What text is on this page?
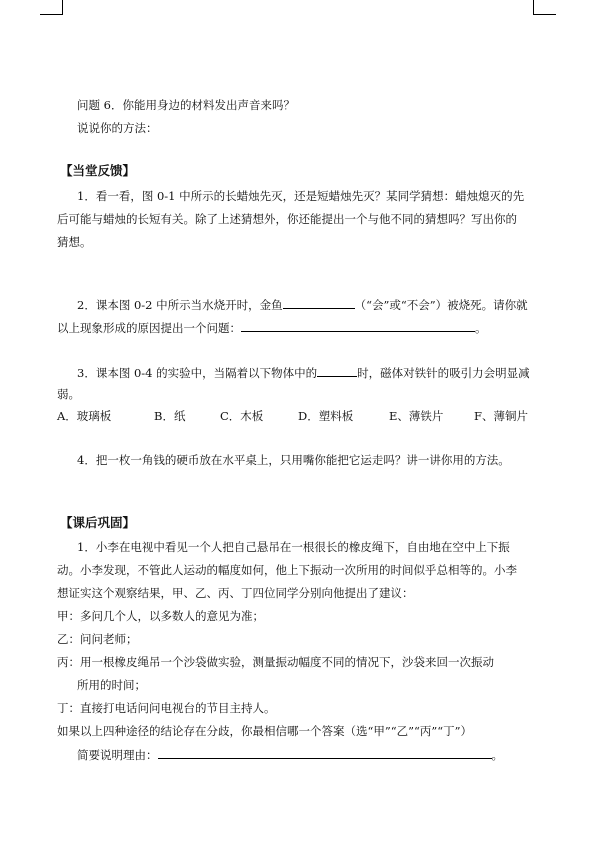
问题 6．你能用身边的材料发出声音来吗？
说说你的方法：
【当堂反馈】
1．看一看，图 0-1 中所示的长蜡烛先灭，还是短蜡烛先灭？某同学猜想：蜡烛熄灭的先
后可能与蜡烛的长短有关。除了上述猜想外，你还能提出一个与他不同的猜想吗？写出你的
猜想。
2．课本图 0-2 中所示当水烧开时，金鱼	（“会”或“不会”）被烧死。请你就
以上现象形成的原因提出一个问题：	。
3．课本图 0-4 的实验中，当隔着以下物体中的	时，磁体对铁针的吸引力会明显减
弱。
A．玻璃板	B．纸	C．木板	D．塑料板	E、薄铁片	F、薄铜片
4．把一枚一角钱的硬币放在水平桌上，只用嘴你能把它运走吗？讲一讲你用的方法。
【课后巩固】
1．小李在电视中看见一个人把自己悬吊在一根很长的橡皮绳下，自由地在空中上下振
动。小李发现，不管此人运动的幅度如何，他上下振动一次所用的时间似乎总相等的。小李
想证实这个观察结果，甲、乙、丙、丁四位同学分别向他提出了建议：
甲：多问几个人，以多数人的意见为准；
乙：问问老师；
丙：用一根橡皮绳吊一个沙袋做实验，测量振动幅度不同的情况下，沙袋来回一次振动
所用的时间；
丁：直接打电话问问电视台的节目主持人。
如果以上四种途径的结论存在分歧，你最相信哪一个答案（选“甲”“乙”“丙”“丁”）
简要说明理由：	。
